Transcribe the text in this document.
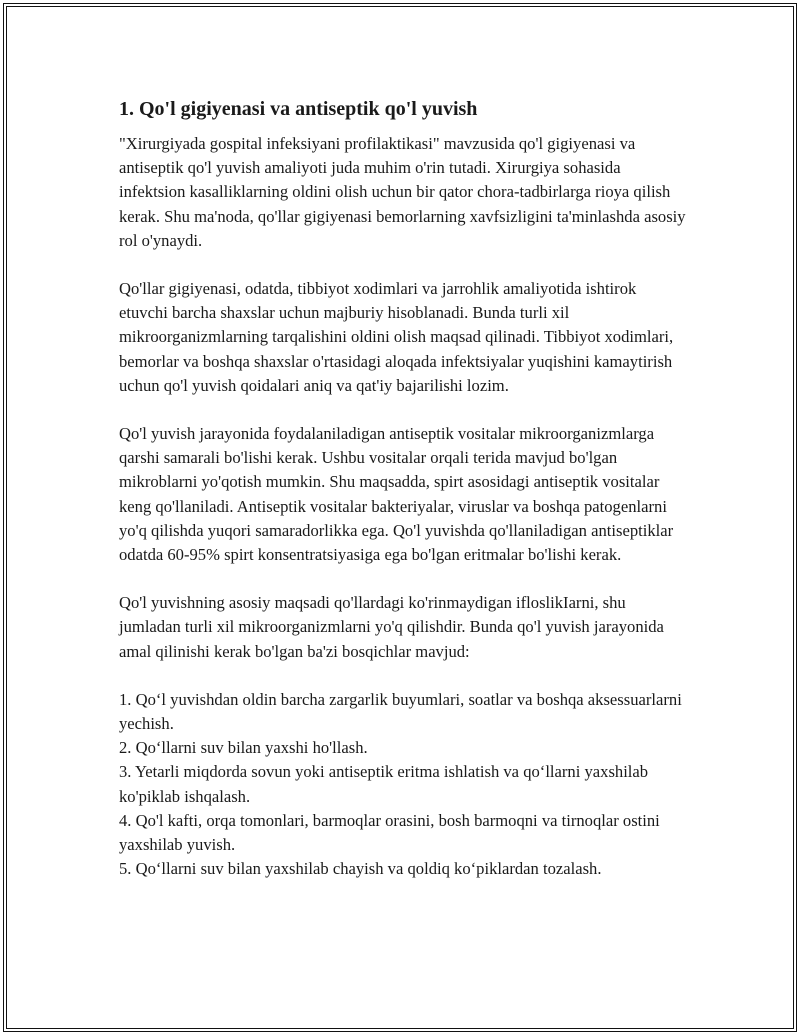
1. Qo'l gigiyenasi va antiseptik qo'l yuvish

"Xirurgiyada gospital infeksiyani profilaktikasi" mavzusida qo'l gigiyenasi va antiseptik qo'l yuvish amaliyoti juda muhim o'rin tutadi. Xirurgiya sohasida infektsion kasalliklarning oldini olish uchun bir qator chora-tadbirlarga rioya qilish kerak. Shu ma'noda, qo'llar gigiyenasi bemorlarning xavfsizligini ta'minlashda asosiy rol o'ynaydi.

Qo'llar gigiyenasi, odatda, tibbiyot xodimlari va jarrohlik amaliyotida ishtirok etuvchi barcha shaxslar uchun majburiy hisoblanadi. Bunda turli xil mikroorganizmlarning tarqalishini oldini olish maqsad qilinadi. Tibbiyot xodimlari, bemorlar va boshqa shaxslar o'rtasidagi aloqada infektsiyalar yuqishini kamaytirish uchun qo'l yuvish qoidalari aniq va qat'iy bajarilishi lozim.

Qo'l yuvish jarayonida foydalaniladigan antiseptik vositalar mikroorganizmlarga qarshi samarali bo'lishi kerak. Ushbu vositalar orqali terida mavjud bo'lgan mikroblarni yo'qotish mumkin. Shu maqsadda, spirt asosidagi antiseptik vositalar keng qo'llaniladi. Antiseptik vositalar bakteriyalar, viruslar va boshqa patogenlarni yo'q qilishda yuqori samaradorlikka ega. Qo'l yuvishda qo'llaniladigan antiseptiklar odatda 60-95% spirt konsentratsiyasiga ega bo'lgan eritmalar bo'lishi kerak.

Qo'l yuvishning asosiy maqsadi qo'llardagi ko'rinmaydigan ifloslikIarni, shu jumladan turli xil mikroorganizmlarni yo'q qilishdir. Bunda qo'l yuvish jarayonida amal qilinishi kerak bo'lgan ba'zi bosqichlar mavjud:

1. Qo‘l yuvishdan oldin barcha zargarlik buyumlari, soatlar va boshqa aksessuarlarni yechish.
2. Qo‘llarni suv bilan yaxshi ho'llash.
3. Yetarli miqdorda sovun yoki antiseptik eritma ishlatish va qo‘llarni yaxshilab ko'piklab ishqalash.
4. Qo'l kafti, orqa tomonlari, barmoqlar orasini, bosh barmoqni va tirnoqlar ostini yaxshilab yuvish.
5. Qo‘llarni suv bilan yaxshilab chayish va qoldiq ko‘piklardan tozalash.
